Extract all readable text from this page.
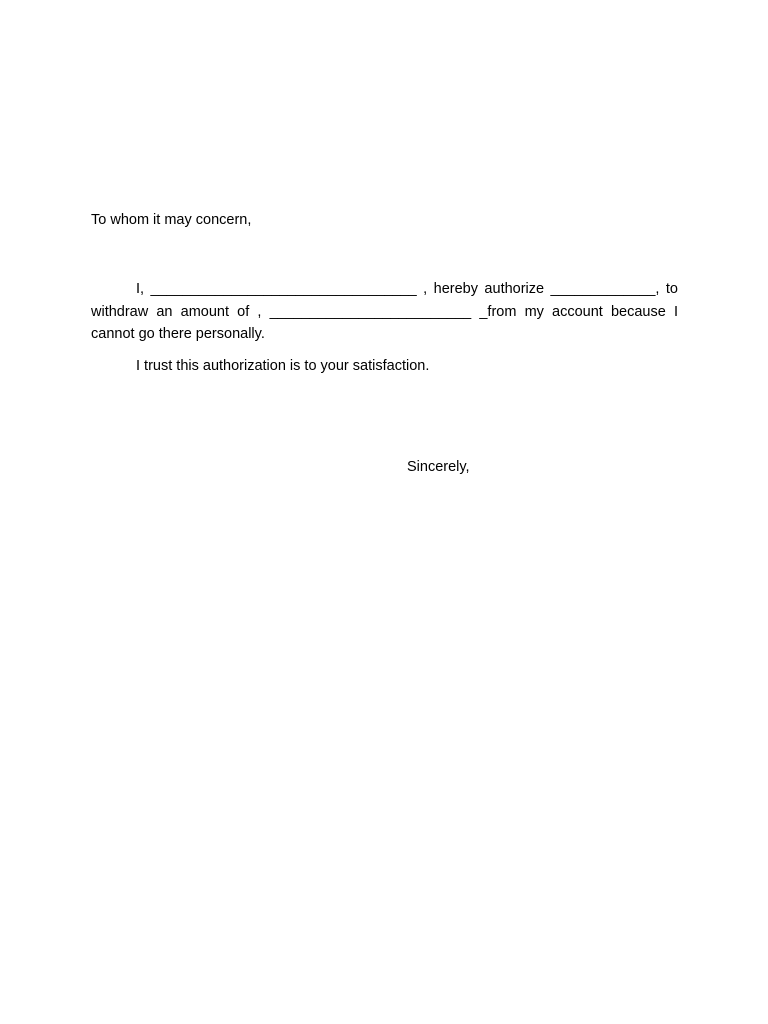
To whom it may concern,

I, _________________________________ , hereby authorize _____________, to withdraw an amount of , _________________________ _from my account because I cannot go there personally.

I trust this authorization is to your satisfaction.
Sincerely,
